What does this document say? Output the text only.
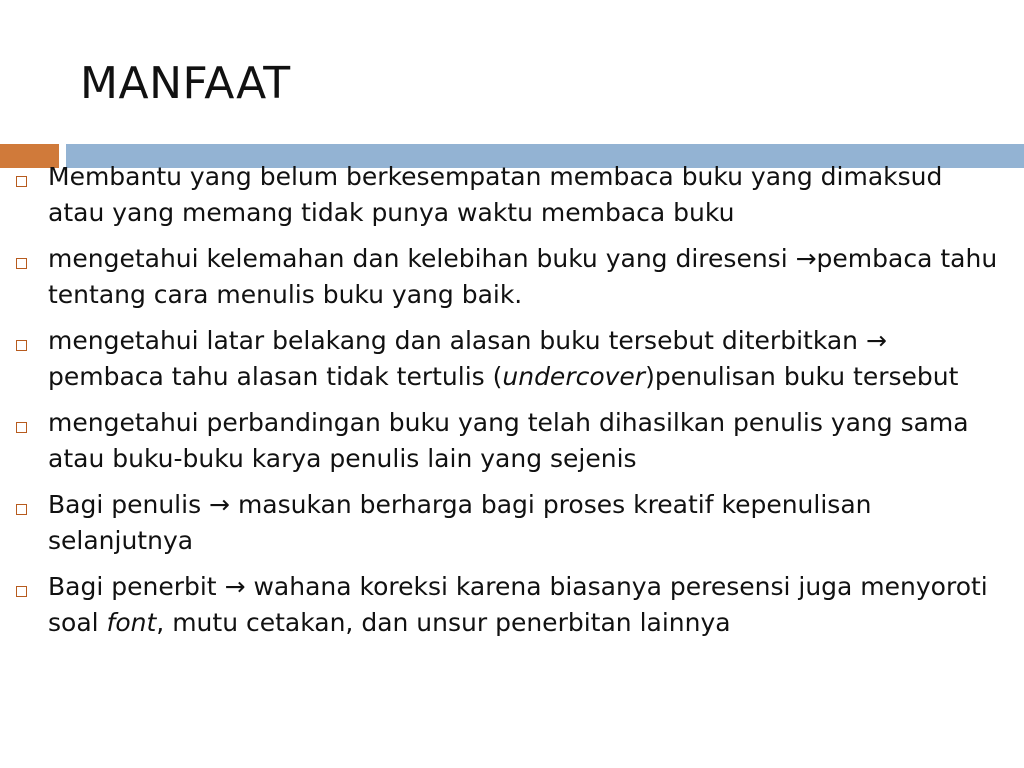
MANFAAT
Membantu yang belum berkesempatan membaca buku yang dimaksud atau yang memang tidak punya waktu membaca buku
mengetahui kelemahan dan kelebihan buku yang diresensi →pembaca tahu tentang cara menulis buku yang baik.
mengetahui latar belakang dan alasan buku tersebut diterbitkan → pembaca tahu alasan tidak tertulis (undercover)penulisan buku tersebut
mengetahui perbandingan buku yang telah dihasilkan penulis yang sama atau buku-buku karya penulis lain yang sejenis
Bagi penulis → masukan berharga bagi proses kreatif kepenulisan selanjutnya
Bagi penerbit → wahana koreksi karena biasanya peresensi juga menyoroti soal font, mutu cetakan, dan unsur penerbitan lainnya
